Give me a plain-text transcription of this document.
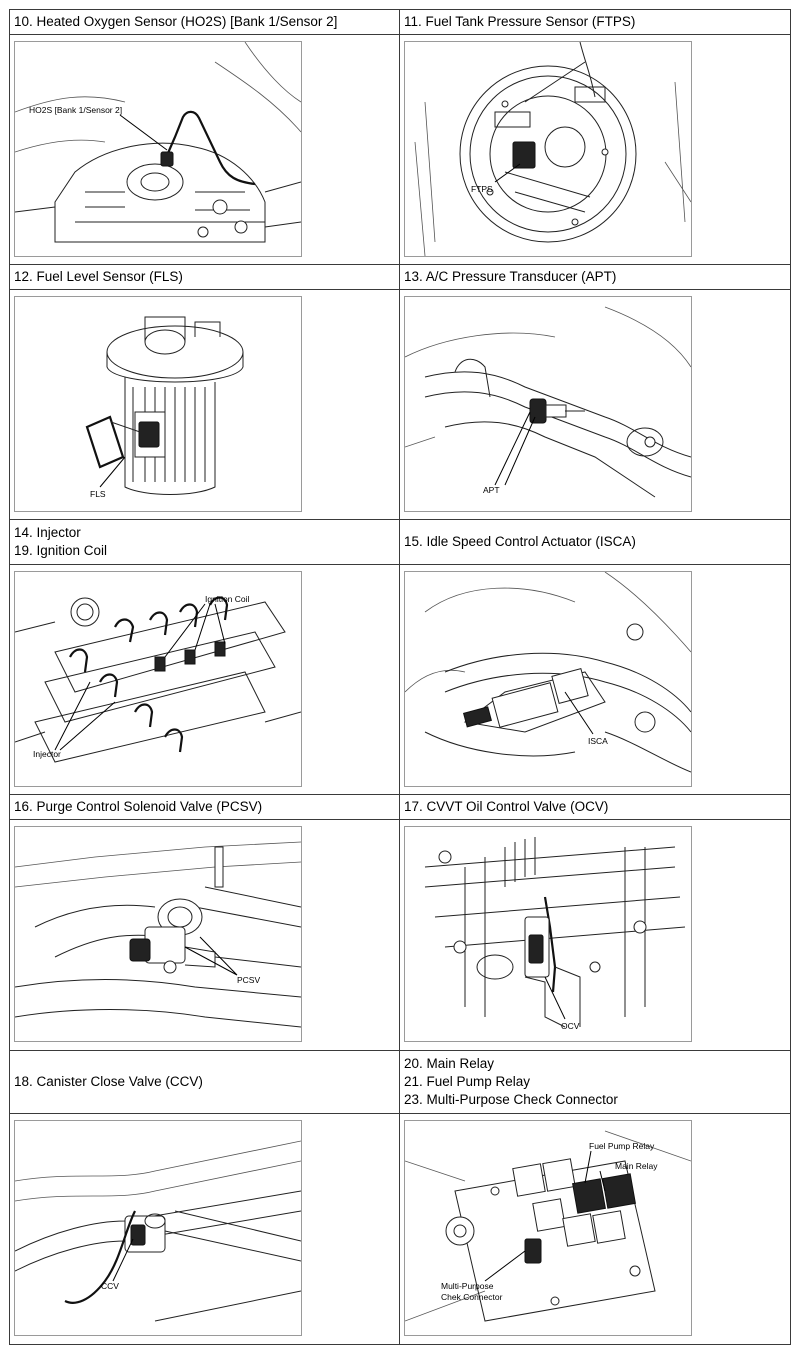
10. Heated Oxygen Sensor (HO2S) [Bank 1/Sensor 2]	11. Fuel Tank Pressure Sensor (FTPS)

HO2S [Bank 1/Sensor 2]	FTPS

12. Fuel Level Sensor (FLS)	13. A/C Pressure Transducer (APT)

FLS	APT

14. Injector
19. Ignition Coil	15. Idle Speed Control Actuator (ISCA)

Ignition Coil
Injector	ISCA

16. Purge Control Solenoid Valve (PCSV)	17. CVVT Oil Control Valve (OCV)

PCSV	OCV

18. Canister Close Valve (CCV)	20. Main Relay
21. Fuel Pump Relay
23. Multi-Purpose Check Connector

CCV	Fuel Pump Relay
Main Relay
Multi-Purpose
Chek Connector
